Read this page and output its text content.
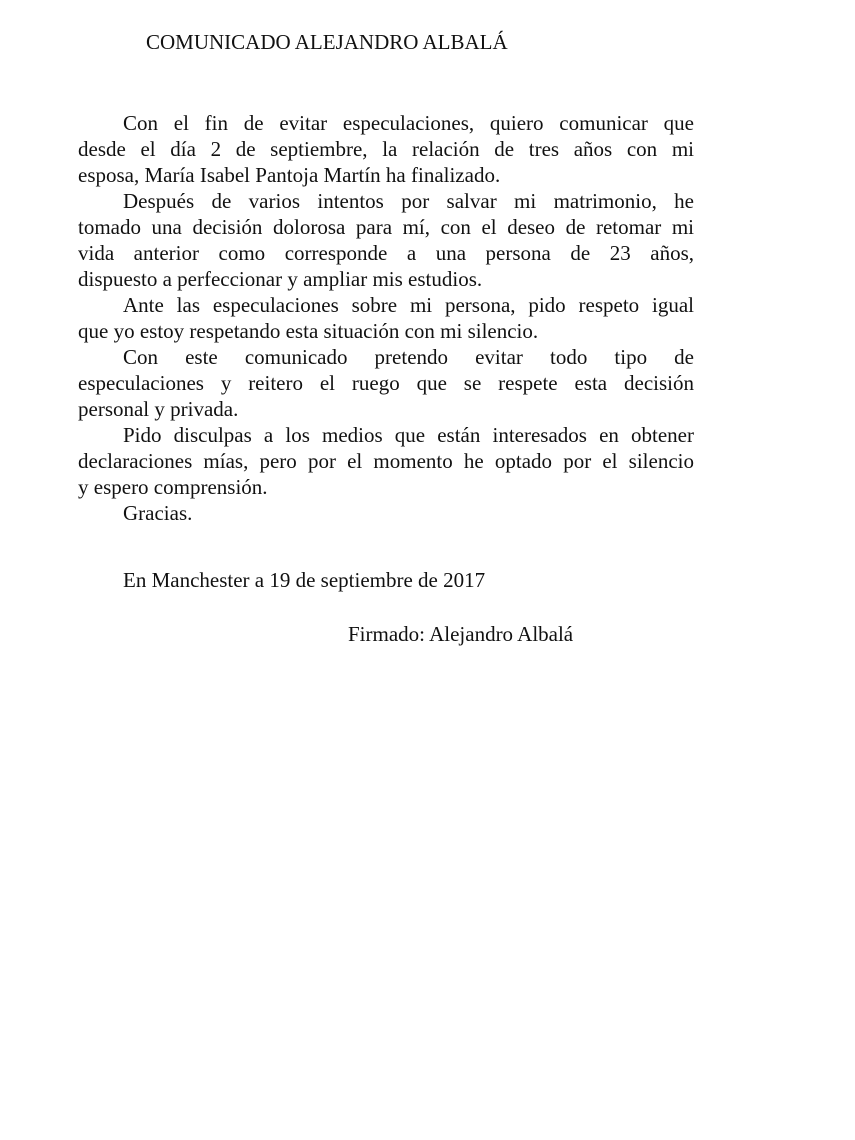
COMUNICADO ALEJANDRO ALBALÁ
Con el fin de evitar especulaciones, quiero comunicar que
desde el día 2 de septiembre, la relación de tres años con mi
esposa, María Isabel Pantoja Martín ha finalizado.
Después de varios intentos por salvar mi matrimonio, he
tomado una decisión dolorosa para mí, con el deseo de retomar mi
vida anterior como corresponde a una persona de 23 años,
dispuesto a perfeccionar y ampliar mis estudios.
Ante las especulaciones sobre mi persona, pido respeto igual
que yo estoy respetando esta situación con mi silencio.
Con este comunicado pretendo evitar todo tipo de
especulaciones y reitero el ruego que se respete esta decisión
personal y privada.
Pido disculpas a los medios que están interesados en obtener
declaraciones mías, pero por el momento he optado por el silencio
y espero comprensión.
Gracias.
En Manchester a 19 de septiembre de 2017
Firmado: Alejandro Albalá
